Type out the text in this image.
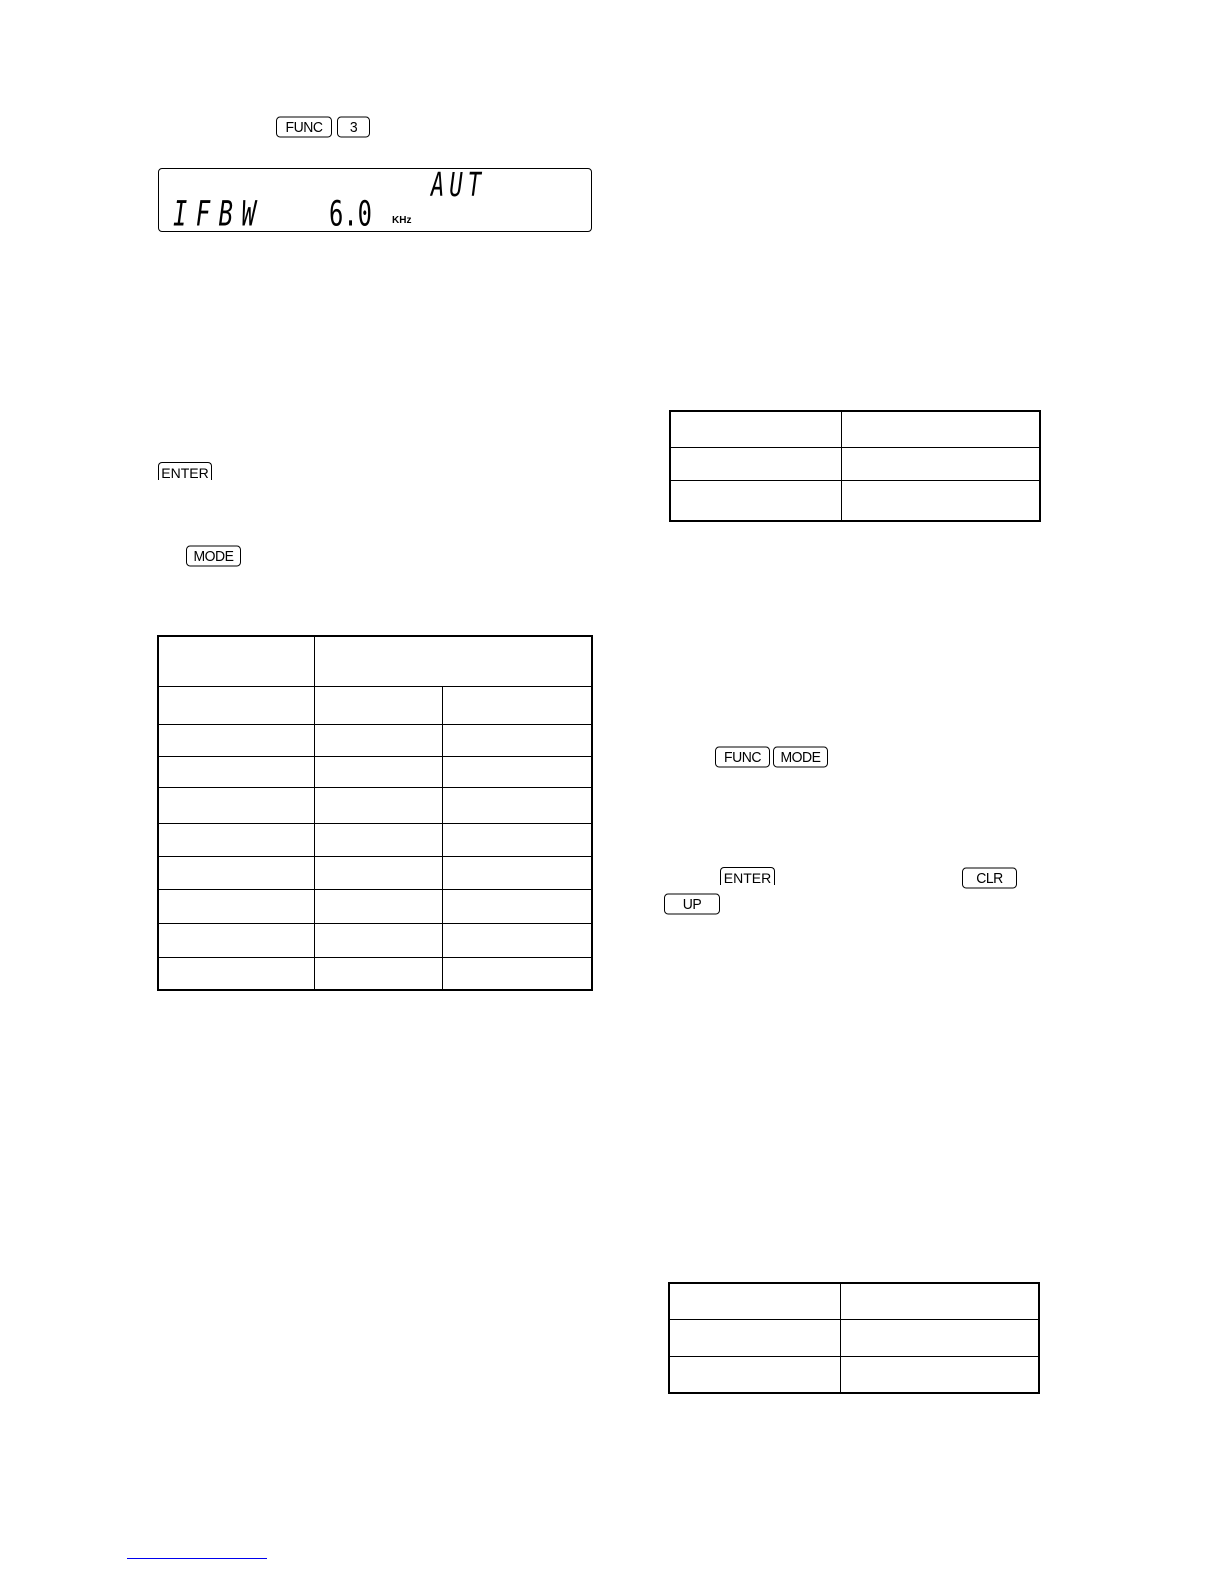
FUNC	3
AUT
IFBW 6.0 KHz
ENTER
MODE

FUNC	MODE
ENTER	CLR
UP
